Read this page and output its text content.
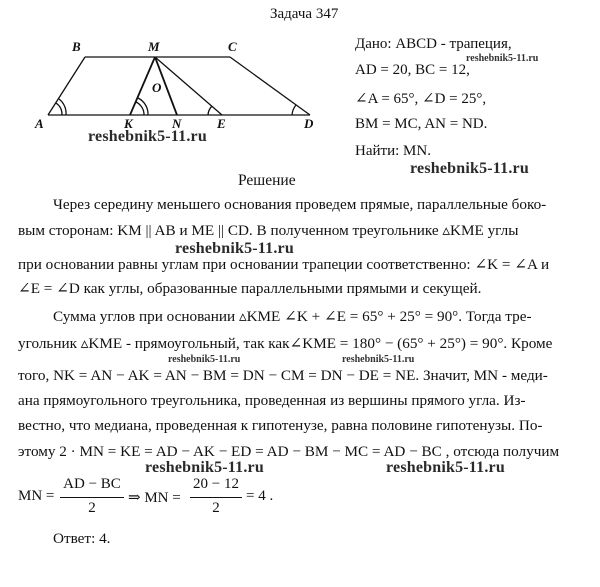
Задача 347
B	M	C
O
A	K	N	E	D
Дано: ABCD - трапеция,
AD = 20, BC = 12,
∠A = 65°, ∠D = 25°,
BM = MC, AN = ND.
Найти: MN.
reshebnik5-11.ru
reshebnik5-11.ru
reshebnik5-11.ru
reshebnik5-11.ru
reshebnik5-11.ru	reshebnik5-11.ru
reshebnik5-11.ru	reshebnik5-11.ru
Решение
Через середину меньшего основания проведем прямые, параллельные боко-
вым сторонам: KM || AB и ME || CD. В полученном треугольнике ▵KME углы
при основании равны углам при основании трапеции соответственно: ∠K = ∠A и
∠E = ∠D как углы, образованные параллельными прямыми и секущей.
Сумма углов при основании ▵KME ∠K + ∠E = 65° + 25° = 90°. Тогда тре-
угольник ▵KME - прямоугольный, так как∠KME = 180° − (65° + 25°) = 90°. Кроме
того, NK = AN − AK = AN − BM = DN − CM = DN − DE = NE. Значит, MN - меди-
ана прямоугольного треугольника, проведенная из вершины прямого угла. Из-
вестно, что медиана, проведенная к гипотенузе, равна половине гипотенузы. По-
этому 2 · MN = KE = AD − AK − ED = AD − BM − MC = AD − BC , отсюда получим
MN =
AD − BC
2
⇒ MN =
20 − 12
2
= 4 .
Ответ: 4.
